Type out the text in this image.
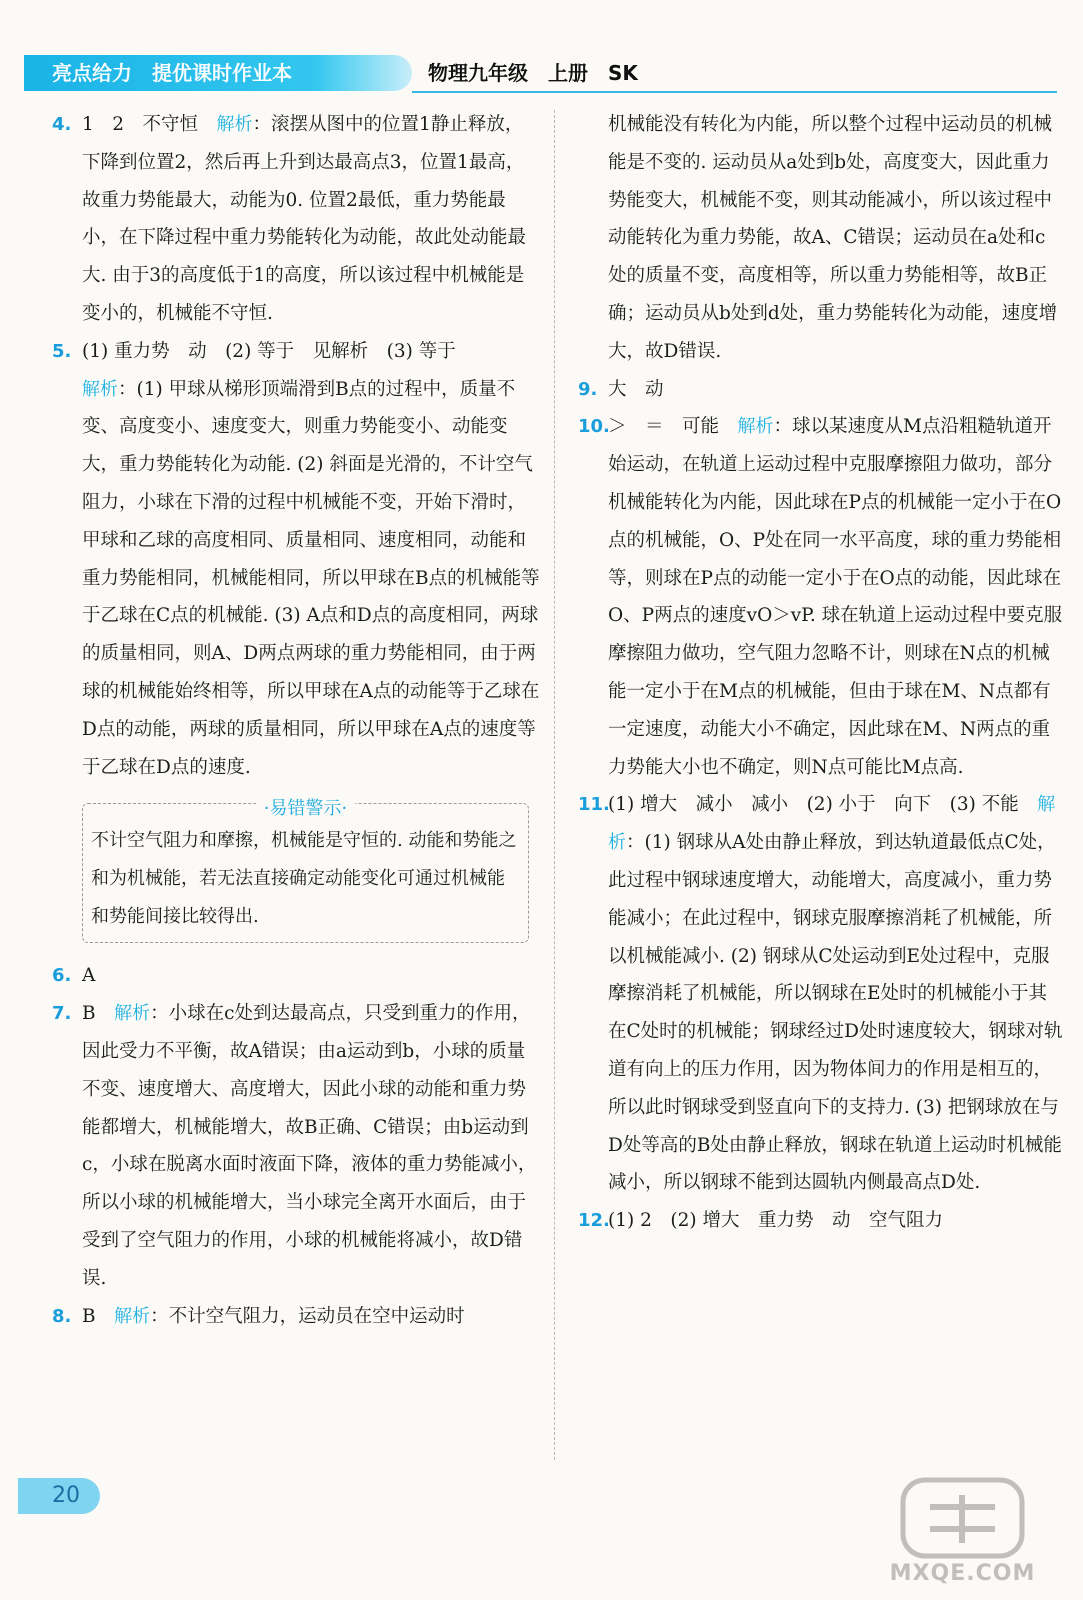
亮点给力　提优课时作业本	物理九年级　上册　SK
4. 1　2　不守恒　解析：滚摆从图中的位置1静止释放，下降到位置2，然后再上升到达最高点3，位置1最高，故重力势能最大，动能为0. 位置2最低，重力势能最小，在下降过程中重力势能转化为动能，故此处动能最大. 由于3的高度低于1的高度，所以该过程中机械能是变小的，机械能不守恒.
5. (1) 重力势　动　(2) 等于　见解析　(3) 等于
解析：(1) 甲球从梯形顶端滑到B点的过程中，质量不变、高度变小、速度变大，则重力势能变小、动能变大，重力势能转化为动能. (2) 斜面是光滑的，不计空气阻力，小球在下滑的过程中机械能不变，开始下滑时，甲球和乙球的高度相同、质量相同、速度相同，动能和重力势能相同，机械能相同，所以甲球在B点的机械能等于乙球在C点的机械能. (3) A点和D点的高度相同，两球的质量相同，则A、D两点两球的重力势能相同，由于两球的机械能始终相等，所以甲球在A点的动能等于乙球在D点的动能，两球的质量相同，所以甲球在A点的速度等于乙球在D点的速度.
·易错警示·
不计空气阻力和摩擦，机械能是守恒的. 动能和势能之和为机械能，若无法直接确定动能变化可通过机械能和势能间接比较得出.
6. A
7. B　解析：小球在c处到达最高点，只受到重力的作用，因此受力不平衡，故A错误；由a运动到b，小球的质量不变、速度增大、高度增大，因此小球的动能和重力势能都增大，机械能增大，故B正确、C错误；由b运动到c，小球在脱离水面时液面下降，液体的重力势能减小，所以小球的机械能增大，当小球完全离开水面后，由于受到了空气阻力的作用，小球的机械能将减小，故D错误.
8. B　解析：不计空气阻力，运动员在空中运动时
机械能没有转化为内能，所以整个过程中运动员的机械能是不变的. 运动员从a处到b处，高度变大，因此重力势能变大，机械能不变，则其动能减小，所以该过程中动能转化为重力势能，故A、C错误；运动员在a处和c处的质量不变，高度相等，所以重力势能相等，故B正确；运动员从b处到d处，重力势能转化为动能，速度增大，故D错误.
9. 大　动
10.
＞　＝　可能　解析：球以某速度从M点沿粗糙轨道开始运动，在轨道上运动过程中克服摩擦阻力做功，部分机械能转化为内能，因此球在P点的机械能一定小于在O点的机械能，O、P处在同一水平高度，球的重力势能相等，则球在P点的动能一定小于在O点的动能，因此球在O、P两点的速度vO＞vP. 球在轨道上运动过程中要克服摩擦阻力做功，空气阻力忽略不计，则球在N点的机械能一定小于在M点的机械能，但由于球在M、N点都有一定速度，动能大小不确定，因此球在M、N两点的重力势能大小也不确定，则N点可能比M点高.
11.
(1) 增大　减小　减小　(2) 小于　向下　(3) 不能　解析：(1) 钢球从A处由静止释放，到达轨道最低点C处，此过程中钢球速度增大，动能增大，高度减小，重力势能减小；在此过程中，钢球克服摩擦消耗了机械能，所以机械能减小. (2) 钢球从C处运动到E处过程中，克服摩擦消耗了机械能，所以钢球在E处时的机械能小于其在C处时的机械能；钢球经过D处时速度较大，钢球对轨道有向上的压力作用，因为物体间力的作用是相互的，所以此时钢球受到竖直向下的支持力. (3) 把钢球放在与D处等高的B处由静止释放，钢球在轨道上运动时机械能减小，所以钢球不能到达圆轨内侧最高点D处.
12.
(1) 2　(2) 增大　重力势　动　空气阻力
20
MXQE.COM
